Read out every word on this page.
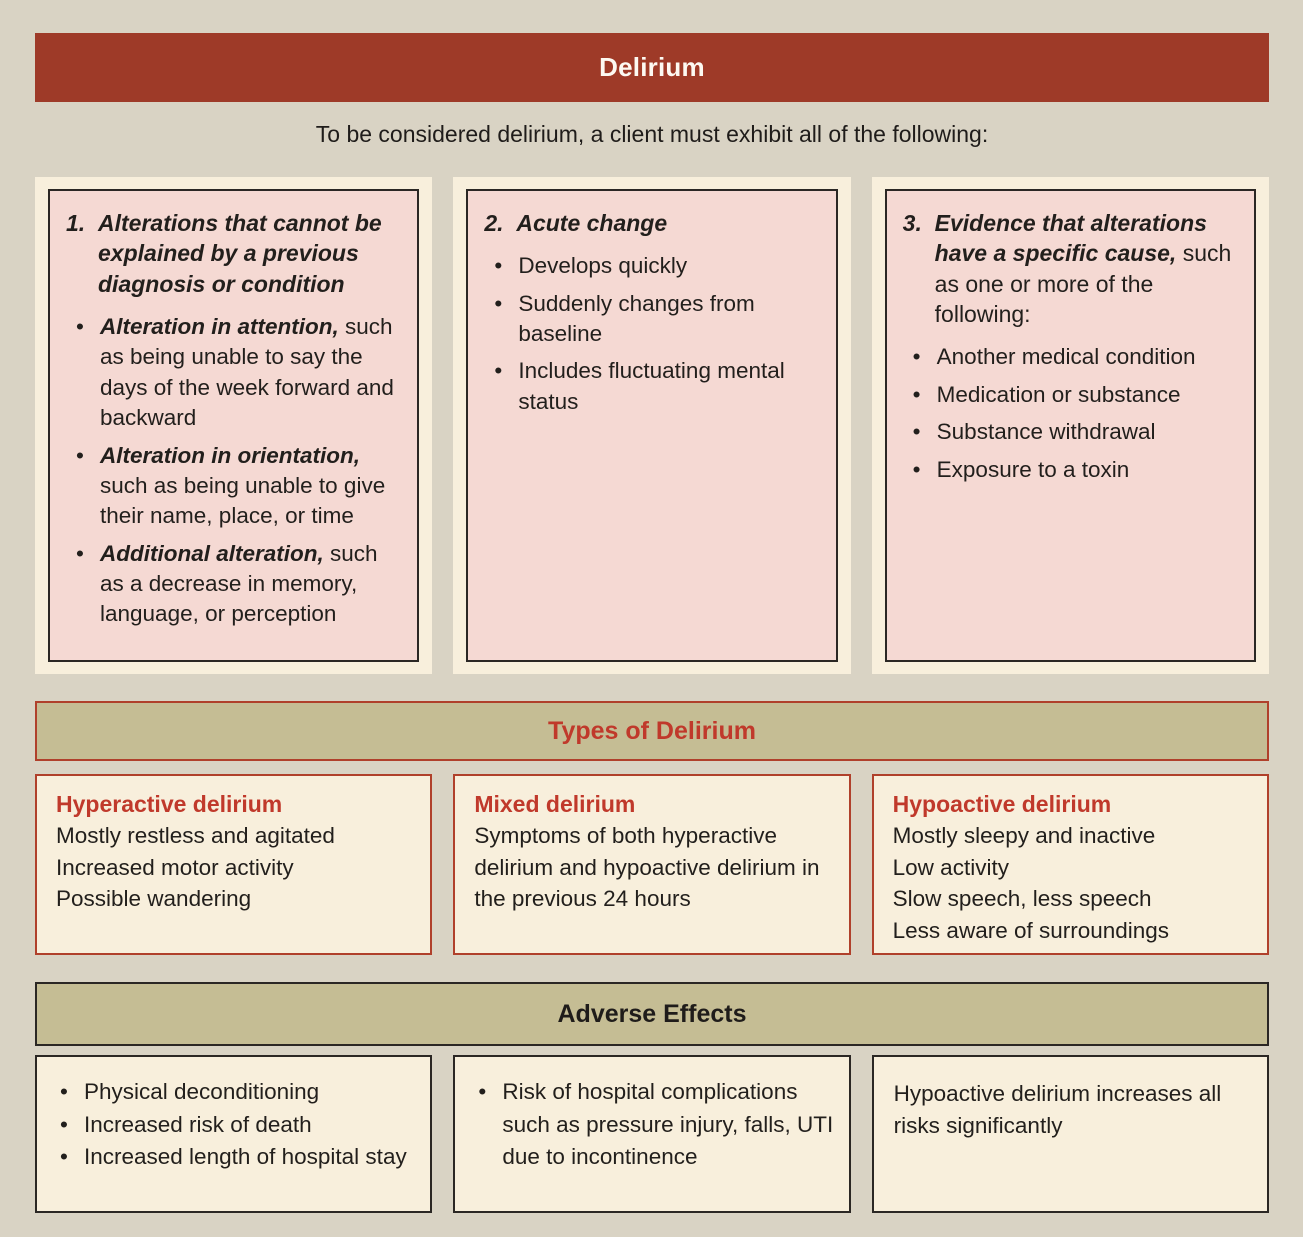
Delirium
To be considered delirium, a client must exhibit all of the following:
1. Alterations that cannot be explained by a previous diagnosis or condition
• Alteration in attention, such as being unable to say the days of the week forward and backward
• Alteration in orientation, such as being unable to give their name, place, or time
• Additional alteration, such as a decrease in memory, language, or perception
2. Acute change
• Develops quickly
• Suddenly changes from baseline
• Includes fluctuating mental status
3. Evidence that alterations have a specific cause, such as one or more of the following:
• Another medical condition
• Medication or substance
• Substance withdrawal
• Exposure to a toxin
Types of Delirium
Hyperactive delirium
Mostly restless and agitated
Increased motor activity
Possible wandering
Mixed delirium
Symptoms of both hyperactive delirium and hypoactive delirium in the previous 24 hours
Hypoactive delirium
Mostly sleepy and inactive
Low activity
Slow speech, less speech
Less aware of surroundings
Adverse Effects
• Physical deconditioning
• Increased risk of death
• Increased length of hospital stay
• Risk of hospital complications such as pressure injury, falls, UTI due to incontinence
Hypoactive delirium increases all risks significantly
